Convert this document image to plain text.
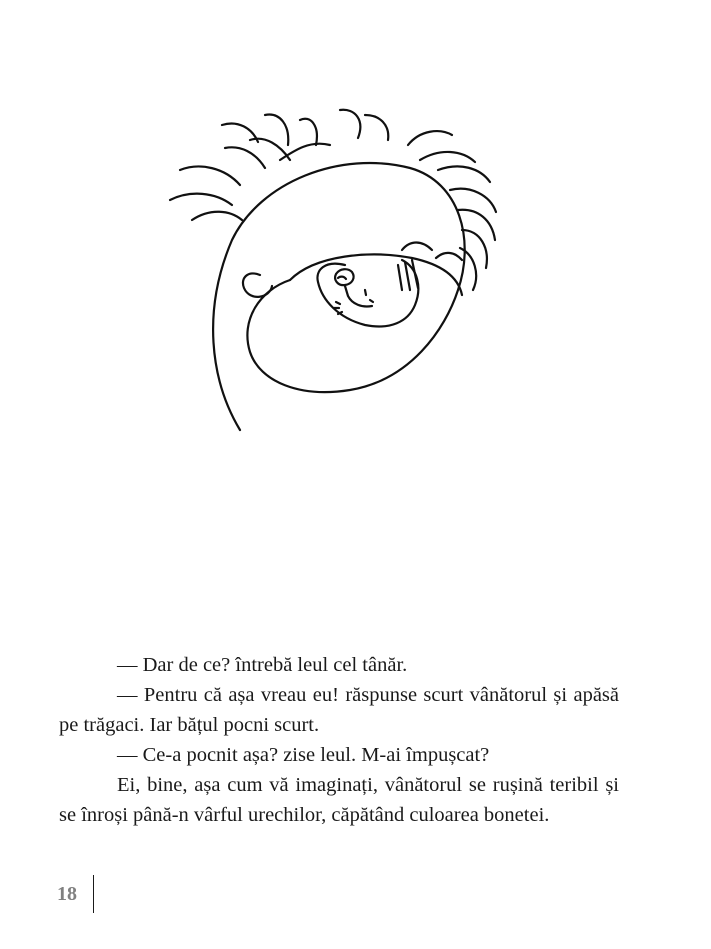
— Dar de ce? întrebă leul cel tânăr.

— Pentru că așa vreau eu! răspunse scurt vânătorul și apăsă pe trăgaci. Iar bățul pocni scurt.

— Ce-a pocnit așa? zise leul. M-ai împușcat?

Ei, bine, așa cum vă imaginați, vânătorul se rușină teribil și se înroși până-n vârful urechilor, căpătând culoarea bonetei.

18
